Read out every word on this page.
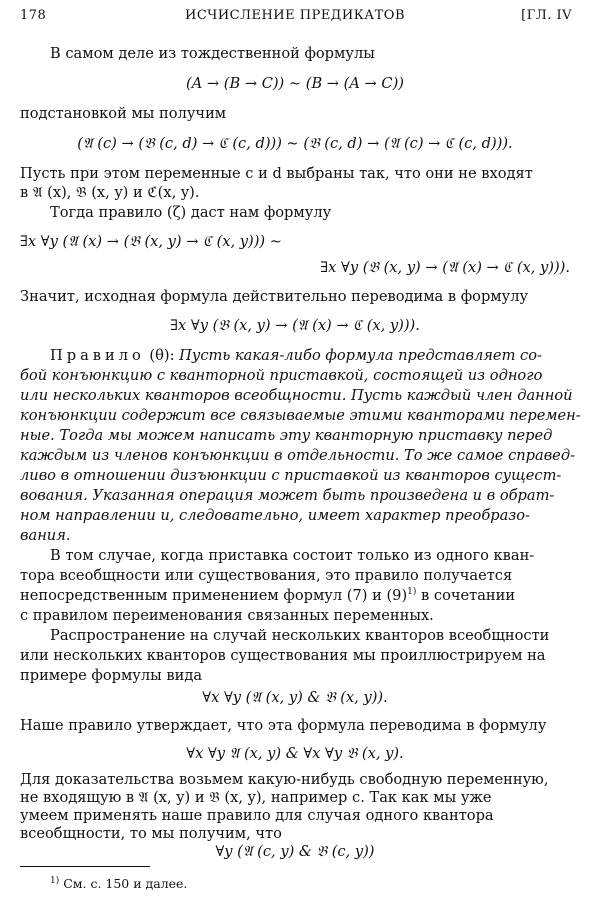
178	ИСЧИСЛЕНИЕ ПРЕДИКАТОВ	[ГЛ. IV
В самом деле из тождественной формулы
(A → (B → C)) ∼ (B → (A → C))
подстановкой мы получим
(𝔄 (c) → (𝔅 (c, d) → ℭ (c, d))) ∼ (𝔅 (c, d) → (𝔄 (c) → ℭ (c, d))).
Пусть при этом переменные c и d выбраны так, что они не входят
в 𝔄 (x), 𝔅 (x, y) и ℭ(x, y).
Тогда правило (ζ) даст нам формулу
∃x ∀y (𝔄 (x) → (𝔅 (x, y) → ℭ (x, y))) ∼
∃x ∀y (𝔅 (x, y) → (𝔄 (x) → ℭ (x, y))).
Значит, исходная формула действительно переводима в формулу
∃x ∀y (𝔅 (x, y) → (𝔄 (x) → ℭ (x, y))).
Правило (θ): Пусть какая-либо формула представляет со-
бой конъюнкцию с кванторной приставкой, состоящей из одного
или нескольких кванторов всеобщности. Пусть каждый член данной
конъюнкции содержит все связываемые этими кванторами перемен-
ные. Тогда мы можем написать эту кванторную приставку перед
каждым из членов конъюнкции в отдельности. То же самое справед-
ливо в отношении дизъюнкции с приставкой из кванторов сущест-
вования. Указанная операция может быть произведена и в обрат-
ном направлении и, следовательно, имеет характер преобразо-
вания.
В том случае, когда приставка состоит только из одного кван-
тора всеобщности или существования, это правило получается
непосредственным применением формул (7) и $(9)^{1)}$ в сочетании
с правилом переименования связанных переменных.
Распространение на случай нескольких кванторов всеобщности
или нескольких кванторов существования мы проиллюстрируем на
примере формулы вида
∀x ∀y (𝔄 (x, y) & 𝔅 (x, y)).
Наше правило утверждает, что эта формула переводима в формулу
∀x ∀y 𝔄 (x, y) & ∀x ∀y 𝔅 (x, y).
Для доказательства возьмем какую-нибудь свободную переменную,
не входящую в 𝔄 (x, y) и 𝔅 (x, y), например c. Так как мы уже
умеем применять наше правило для случая одного квантора
всеобщности, то мы получим, что
$^{1)}$ См. с. 150 и далее.
∀y (𝔄 (c, y) & 𝔅 (c, y))
